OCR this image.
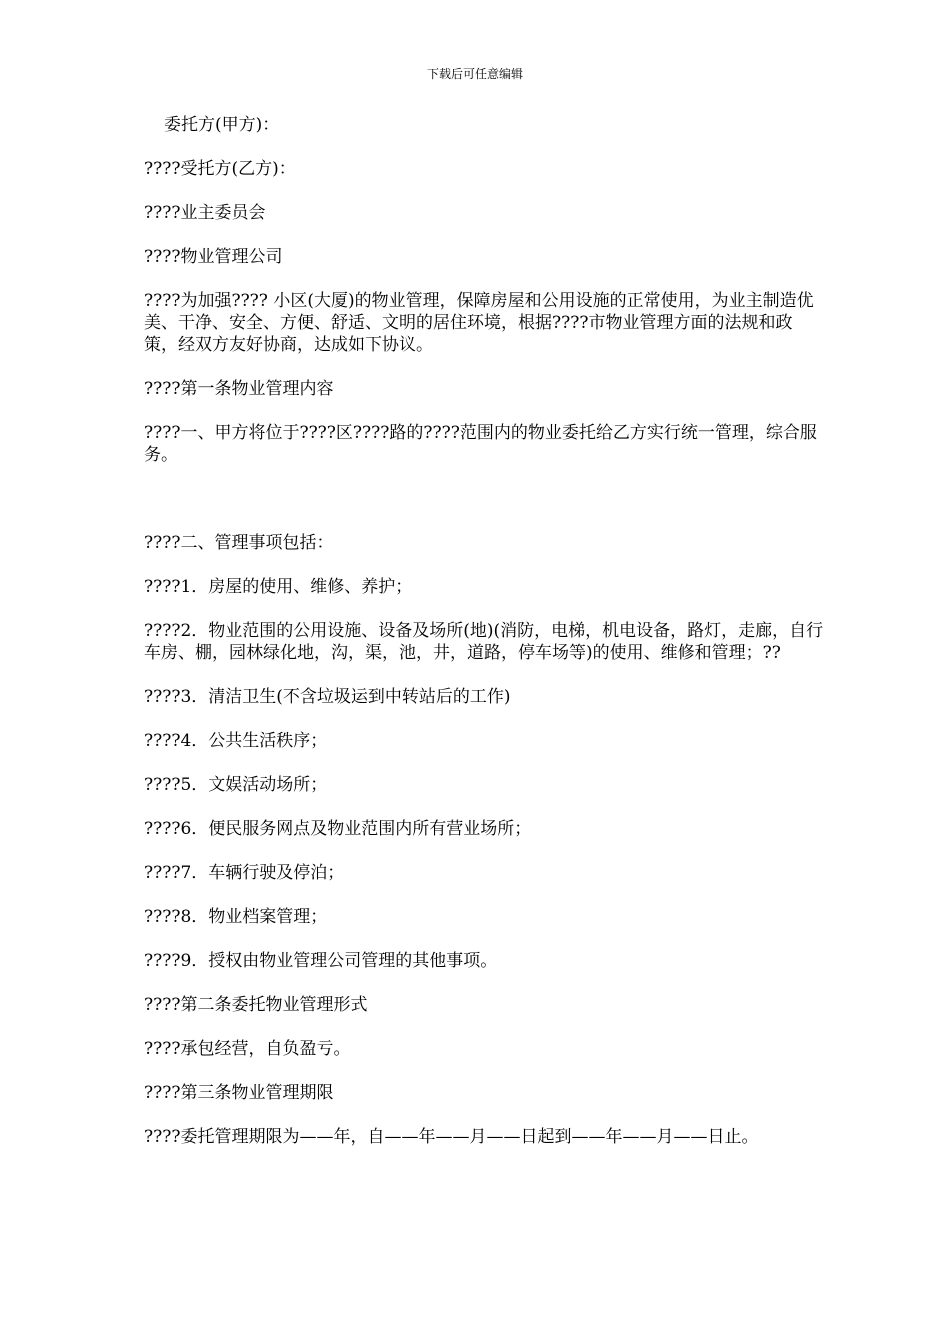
下载后可任意编辑

委托方(甲方)：

????受托方(乙方)：

????业主委员会

????物业管理公司

????为加强???? 小区(大厦)的物业管理，保障房屋和公用设施的正常使用，为业主制造优美、干净、安全、方便、舒适、文明的居住环境，根据????市物业管理方面的法规和政策，经双方友好协商，达成如下协议。

????第一条物业管理内容

????一、甲方将位于????区????路的????范围内的物业委托给乙方实行统一管理，综合服务。

????二、管理事项包括：

????1．房屋的使用、维修、养护；

????2．物业范围的公用设施、设备及场所(地)(消防，电梯，机电设备，路灯，走廊，自行车房、棚，园林绿化地，沟，渠，池，井，道路，停车场等)的使用、维修和管理；??

????3．清洁卫生(不含垃圾运到中转站后的工作)

????4．公共生活秩序；

????5．文娱活动场所；

????6．便民服务网点及物业范围内所有营业场所；

????7．车辆行驶及停泊；

????8．物业档案管理；

????9．授权由物业管理公司管理的其他事项。

????第二条委托物业管理形式

????承包经营，自负盈亏。

????第三条物业管理期限

????委托管理期限为——年，自——年——月——日起到——年——月——日止。
